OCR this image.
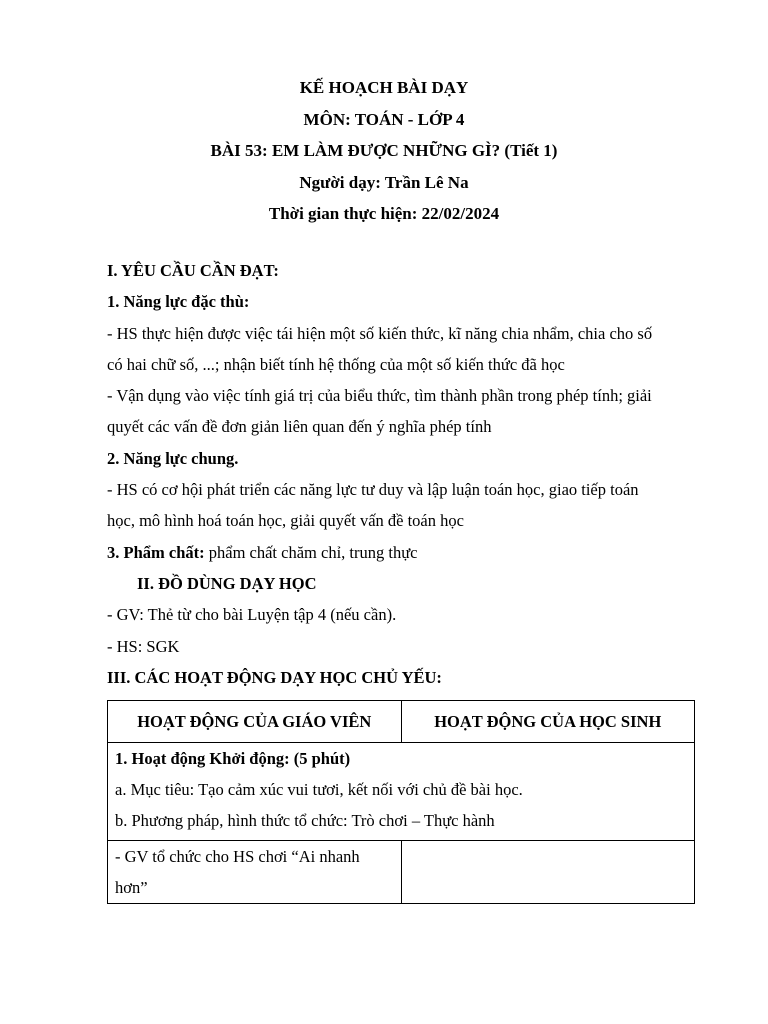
KẾ HOẠCH BÀI DẠY

MÔN: TOÁN - LỚP 4

BÀI 53: EM LÀM ĐƯỢC NHỮNG GÌ? (Tiết 1)

Người dạy: Trần Lê Na

Thời gian thực hiện: 22/02/2024

I. YÊU CẦU CẦN ĐẠT:

1. Năng lực đặc thù:

- HS thực hiện được việc tái hiện một số kiến thức, kĩ năng chia nhẩm, chia cho số

có hai chữ số, ...; nhận biết tính hệ thống của một số kiến thức đã học

- Vận dụng vào việc tính giá trị của biểu thức, tìm thành phần trong phép tính; giải

quyết các vấn đề đơn giản liên quan đến ý nghĩa phép tính

2. Năng lực chung.

- HS có cơ hội phát triển các năng lực tư duy và lập luận toán học, giao tiếp toán

học, mô hình hoá toán học, giải quyết vấn đề toán học

3. Phẩm chất: phẩm chất chăm chỉ, trung thực

II. ĐỒ DÙNG DẠY HỌC

- GV: Thẻ từ cho bài Luyện tập 4 (nếu cần).

- HS: SGK

III. CÁC HOẠT ĐỘNG DẠY HỌC CHỦ YẾU:

HOẠT ĐỘNG CỦA GIÁO VIÊN	HOẠT ĐỘNG CỦA HỌC SINH

1. Hoạt động Khởi động: (5 phút)

a. Mục tiêu: Tạo cảm xúc vui tươi, kết nối với chủ đề bài học.

b. Phương pháp, hình thức tổ chức: Trò chơi – Thực hành	

- GV tổ chức cho HS chơi “Ai nhanh

hơn”	
